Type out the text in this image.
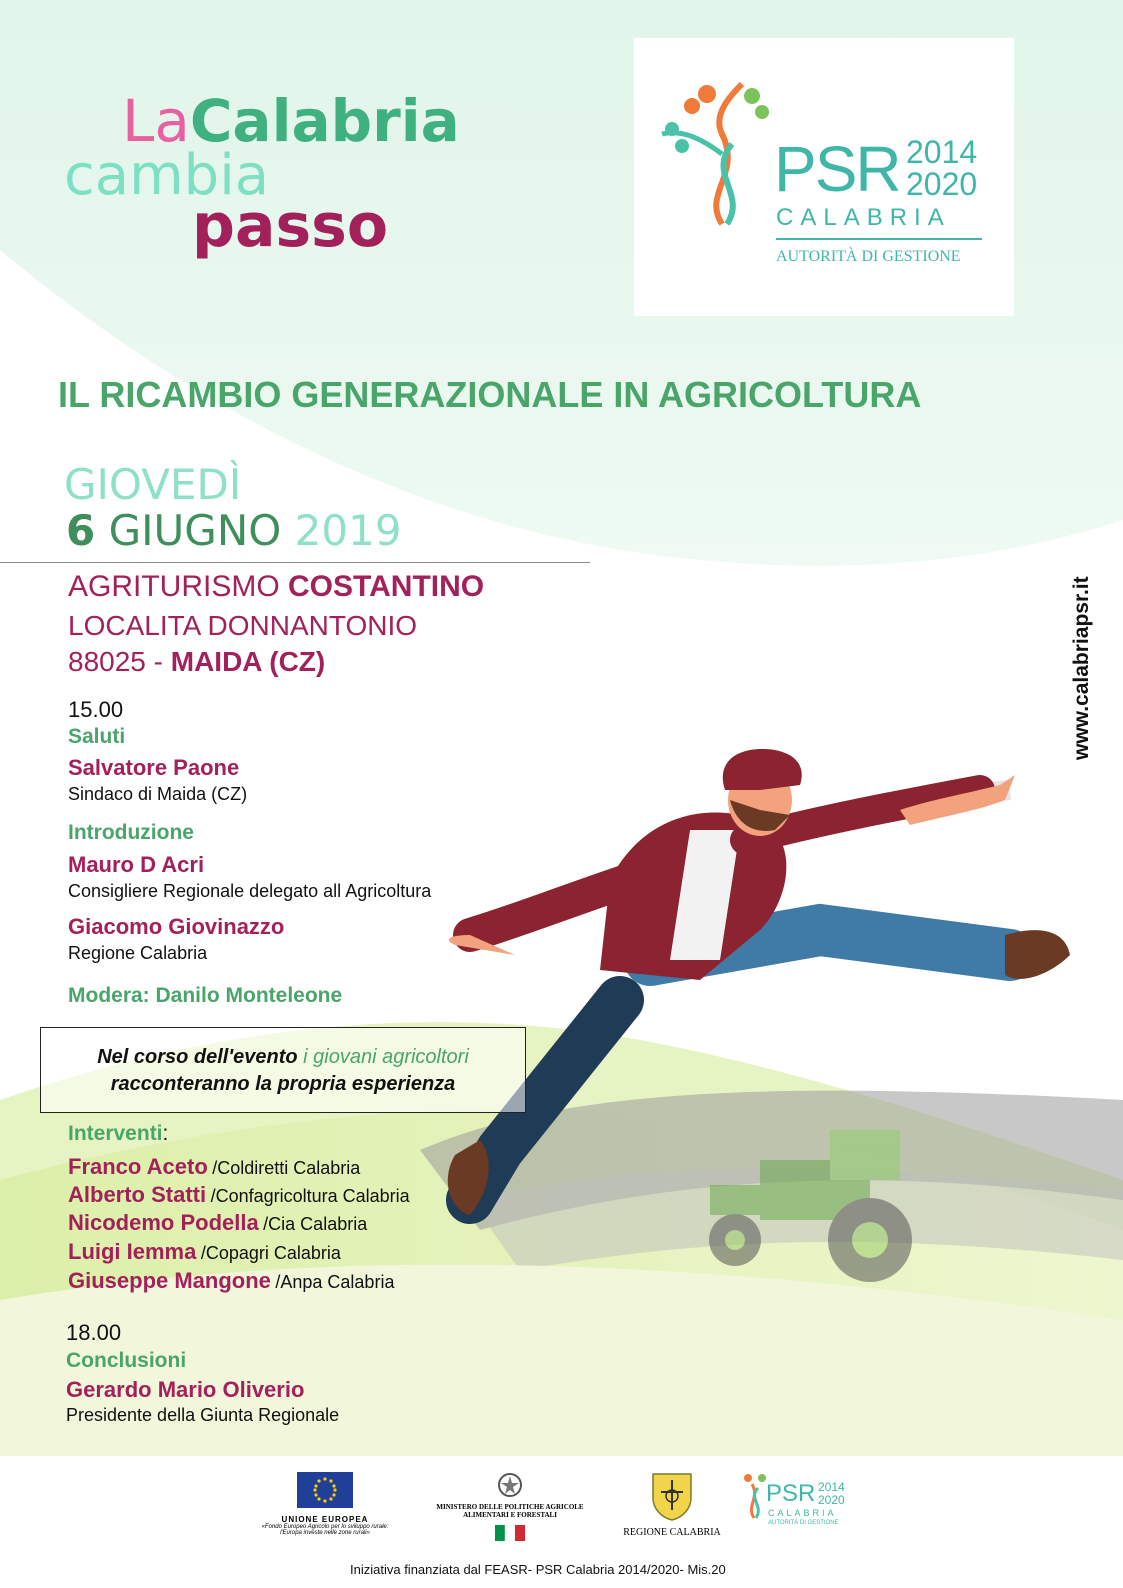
LaCalabria
cambia
passo
PSR 2014
2020
CALABRIA
AUTORITÀ DI GESTIONE
IL RICAMBIO GENERAZIONALE IN AGRICOLTURA
GIOVEDÌ
6 GIUGNO 2019
AGRITURISMO COSTANTINO
LOCALITA DONNANTONIO
88025 - MAIDA (CZ)	www.calabriapsr.it
15.00
Saluti
Salvatore Paone
Sindaco di Maida (CZ)
Introduzione
Mauro D Acri
Consigliere Regionale delegato all Agricoltura
Giacomo Giovinazzo
Regione Calabria
Modera: Danilo Monteleone
Nel corso dell'evento i giovani agricoltori
racconteranno la propria esperienza
Interventi:
Franco Aceto /Coldiretti Calabria
Alberto Statti /Confagricoltura Calabria
Nicodemo Podella /Cia Calabria
Luigi Iemma /Copagri Calabria
Giuseppe Mangone /Anpa Calabria
18.00
Conclusioni
Gerardo Mario Oliverio
Presidente della Giunta Regionale
UNIONE EUROPEA
«Fondo Europeo Agricolo per lo sviluppo rurale:
l'Europa investe nelle zone rurali»
MINISTERO DELLE POLITICHE AGRICOLE
ALIMENTARI E FORESTALI
REGIONE CALABRIA
PSR 2014
2020
CALABRIA
AUTORITÀ DI GESTIONE
Iniziativa finanziata dal FEASR- PSR Calabria 2014/2020- Mis.20
